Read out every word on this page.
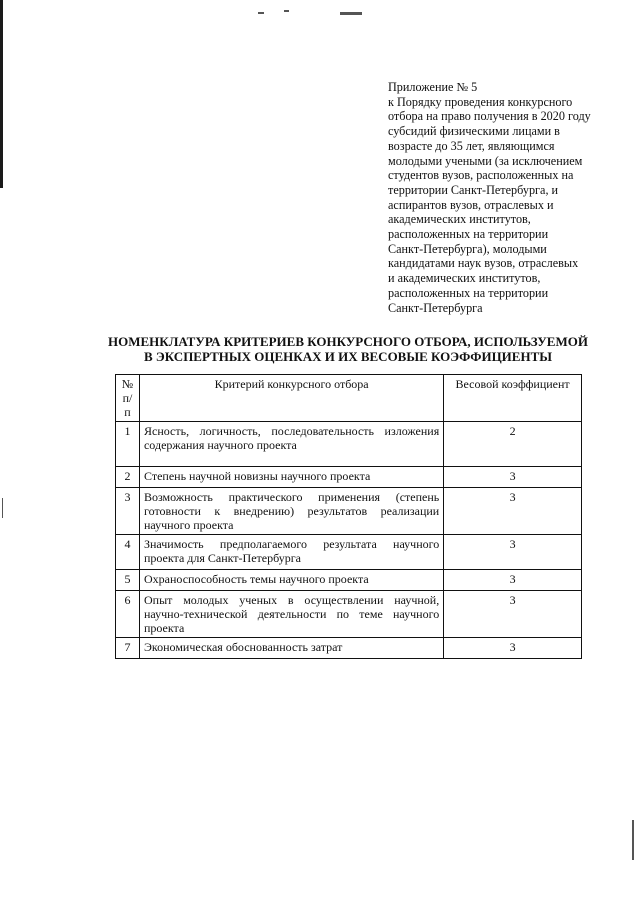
Приложение № 5
к Порядку проведения конкурсного
отбора на право получения в 2020 году
субсидий физическими лицами в
возрасте до 35 лет, являющимся
молодыми учеными (за исключением
студентов вузов, расположенных на
территории Санкт-Петербурга, и
аспирантов вузов, отраслевых и
академических институтов,
расположенных на территории
Санкт-Петербурга), молодыми
кандидатами наук вузов, отраслевых
и академических институтов,
расположенных на территории
Санкт-Петербурга
НОМЕНКЛАТУРА КРИТЕРИЕВ КОНКУРСНОГО ОТБОРА, ИСПОЛЬЗУЕМОЙ
В ЭКСПЕРТНЫХ ОЦЕНКАХ И ИХ ВЕСОВЫЕ КОЭФФИЦИЕНТЫ
№
п/п	Критерий конкурсного отбора	Весовой коэффициент
1	Ясность, логичность, последовательность изложения содержания научного проекта	2
2	Степень научной новизны научного проекта	3
3	Возможность практического применения (степень готовности к внедрению) результатов реализации научного проекта	3
4	Значимость предполагаемого результата научного проекта для Санкт-Петербурга	3
5	Охраноспособность темы научного проекта	3
6	Опыт молодых ученых в осуществлении научной, научно-технической деятельности по теме научного проекта	3
7	Экономическая обоснованность затрат	3
